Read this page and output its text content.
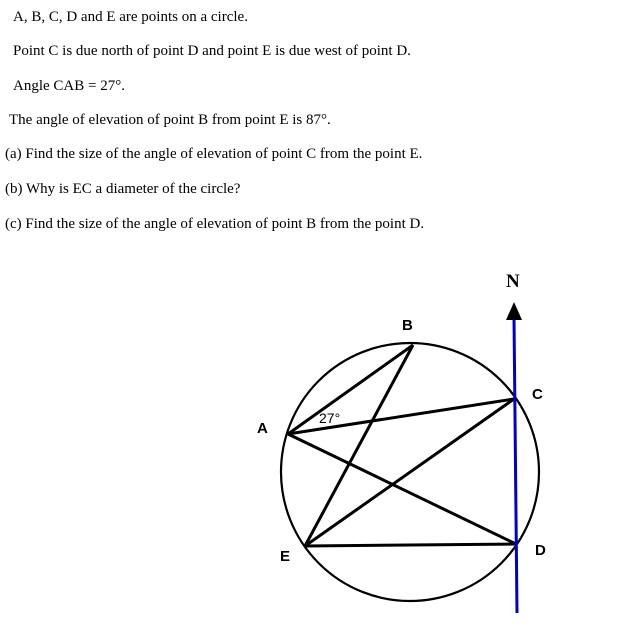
A, B, C, D and E are points on a circle.
Point C is due north of point D and point E is due west of point D.
Angle CAB = 27°.
The angle of elevation of point B from point E is 87°.
(a) Find the size of the angle of elevation of point C from the point E.
(b) Why is EC a diameter of the circle?
(c) Find the size of the angle of elevation of point B from the point D.
N
B
C
A
D
E
27°
